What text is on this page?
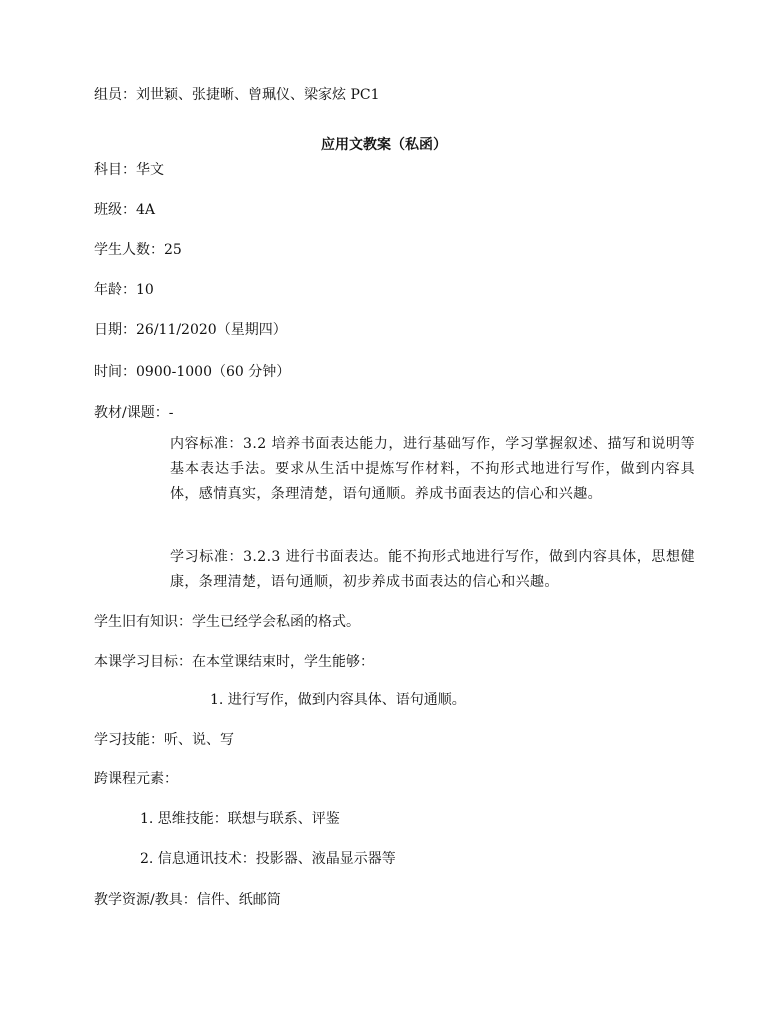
组员：刘世颖、张捷晰、曾珮仪、梁家炫 PC1
应用文教案（私函）
科目：华文
班级：4A
学生人数：25
年龄：10
日期：26/11/2020（星期四）
时间：0900-1000（60 分钟）
教材/课题：-
内容标准：3.2 培养书面表达能力，进行基础写作，学习掌握叙述、描写和说明等基本表达手法。要求从生活中提炼写作材料，不拘形式地进行写作，做到内容具体，感情真实，条理清楚，语句通顺。养成书面表达的信心和兴趣。
学习标准：3.2.3 进行书面表达。能不拘形式地进行写作，做到内容具体，思想健康，条理清楚，语句通顺，初步养成书面表达的信心和兴趣。
学生旧有知识：学生已经学会私函的格式。
本课学习目标：在本堂课结束时，学生能够：
1. 进行写作，做到内容具体、语句通顺。
学习技能：听、说、写
跨课程元素：
1. 思维技能：联想与联系、评鉴
2. 信息通讯技术：投影器、液晶显示器等
教学资源/教具：信件、纸邮筒
